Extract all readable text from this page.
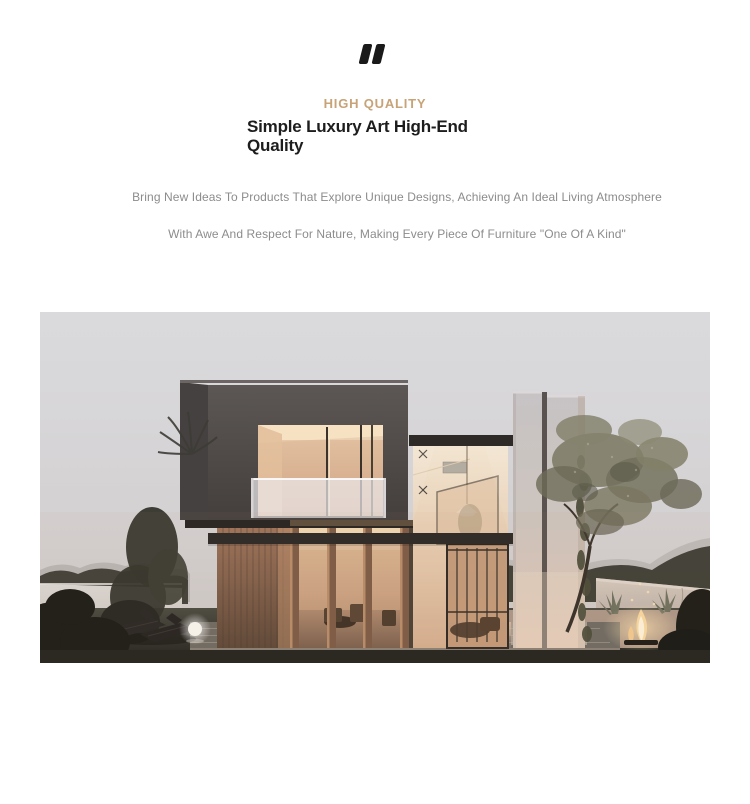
HIGH QUALITY
Simple Luxury Art High-End
Quality

Bring New Ideas To Products That Explore Unique Designs, Achieving An Ideal Living Atmosphere

With Awe And Respect For Nature, Making Every Piece Of Furniture "One Of A Kind"
